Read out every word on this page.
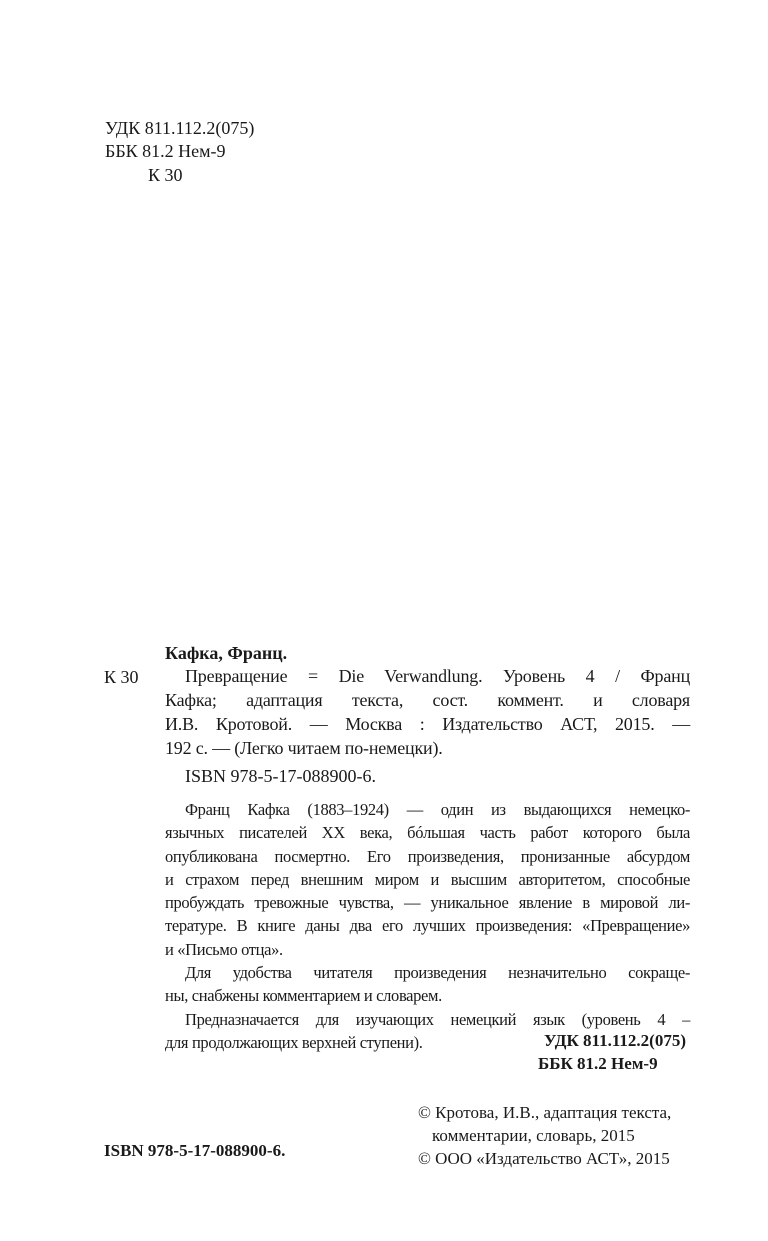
УДК 811.112.2(075)
ББК 81.2 Нем-9
К 30
Кафка, Франц.
К 30	Превращение = Die Verwandlung. Уровень 4 / Франц
Кафка; адаптация текста, сост. коммент. и словаря
И.В. Кротовой. — Москва : Издательство АСТ, 2015. —
192 с. — (Легко читаем по-немецки).
ISBN 978-5-17-088900-6.
Франц Кафка (1883–1924) — один из выдающихся немецко-
язычных писателей XX века, бóльшая часть работ которого была
опубликована посмертно. Его произведения, пронизанные абсурдом
и страхом перед внешним миром и высшим авторитетом, способные
пробуждать тревожные чувства, — уникальное явление в мировой ли-
тературе. В книге даны два его лучших произведения: «Превращение»
и «Письмо отца».
Для удобства читателя произведения незначительно сокраще-
ны, снабжены комментарием и словарем.
Предназначается для изучающих немецкий язык (уровень 4 –
для продолжающих верхней ступени).	УДК 811.112.2(075)
ББК 81.2 Нем-9
ISBN 978-5-17-088900-6.
© Кротова, И.В., адаптация текста,
комментарии, словарь, 2015
© ООО «Издательство АСТ», 2015
